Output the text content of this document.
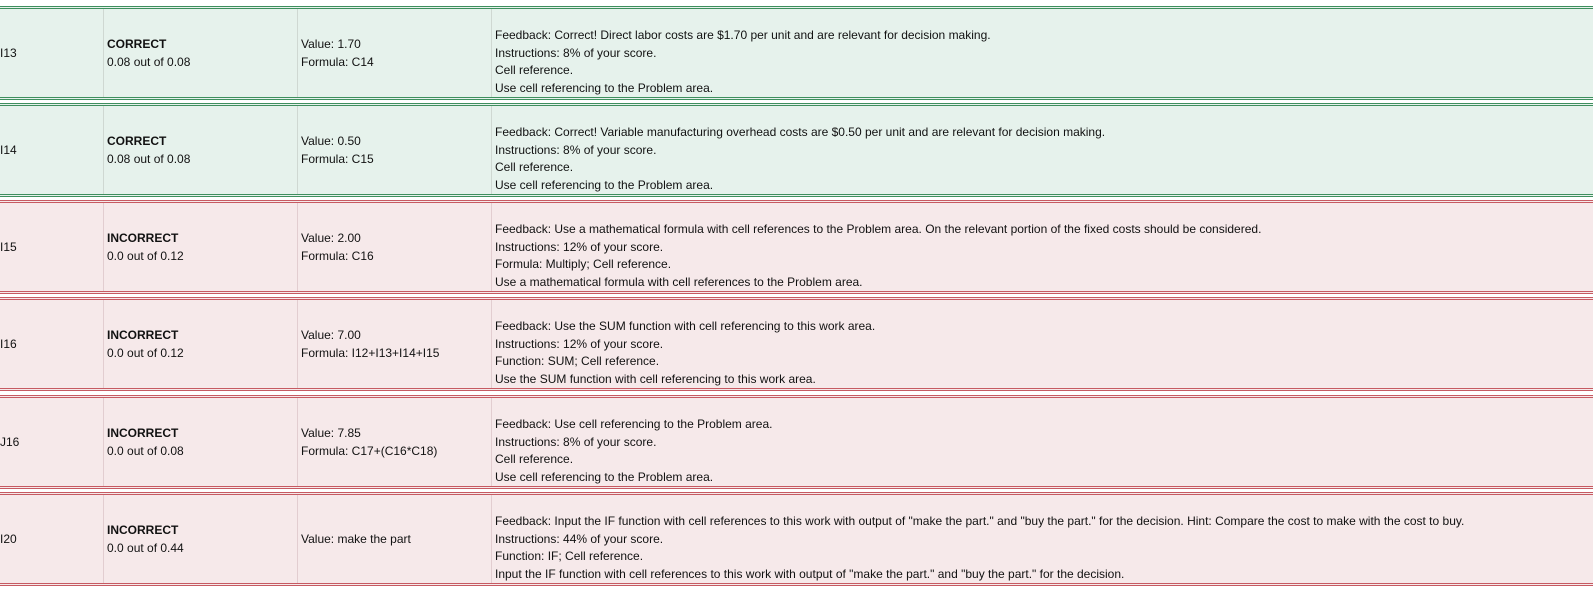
I13
CORRECT
0.08 out of 0.08
Value: 1.70
Formula: C14
Feedback: Correct! Direct labor costs are $1.70 per unit and are relevant for decision making.
Instructions: 8% of your score.
Cell reference.
Use cell referencing to the Problem area.
I14
CORRECT
0.08 out of 0.08
Value: 0.50
Formula: C15
Feedback: Correct! Variable manufacturing overhead costs are $0.50 per unit and are relevant for decision making.
Instructions: 8% of your score.
Cell reference.
Use cell referencing to the Problem area.
I15
INCORRECT
0.0 out of 0.12
Value: 2.00
Formula: C16
Feedback: Use a mathematical formula with cell references to the Problem area. On the relevant portion of the fixed costs should be considered.
Instructions: 12% of your score.
Formula: Multiply; Cell reference.
Use a mathematical formula with cell references to the Problem area.
I16
INCORRECT
0.0 out of 0.12
Value: 7.00
Formula: I12+I13+I14+I15
Feedback: Use the SUM function with cell referencing to this work area.
Instructions: 12% of your score.
Function: SUM; Cell reference.
Use the SUM function with cell referencing to this work area.
J16
INCORRECT
0.0 out of 0.08
Value: 7.85
Formula: C17+(C16*C18)
Feedback: Use cell referencing to the Problem area.
Instructions: 8% of your score.
Cell reference.
Use cell referencing to the Problem area.
I20
INCORRECT
0.0 out of 0.44
Value: make the part
Feedback: Input the IF function with cell references to this work with output of "make the part." and "buy the part." for the decision. Hint: Compare the cost to make with the cost to buy.
Instructions: 44% of your score.
Function: IF; Cell reference.
Input the IF function with cell references to this work with output of "make the part." and "buy the part." for the decision.
